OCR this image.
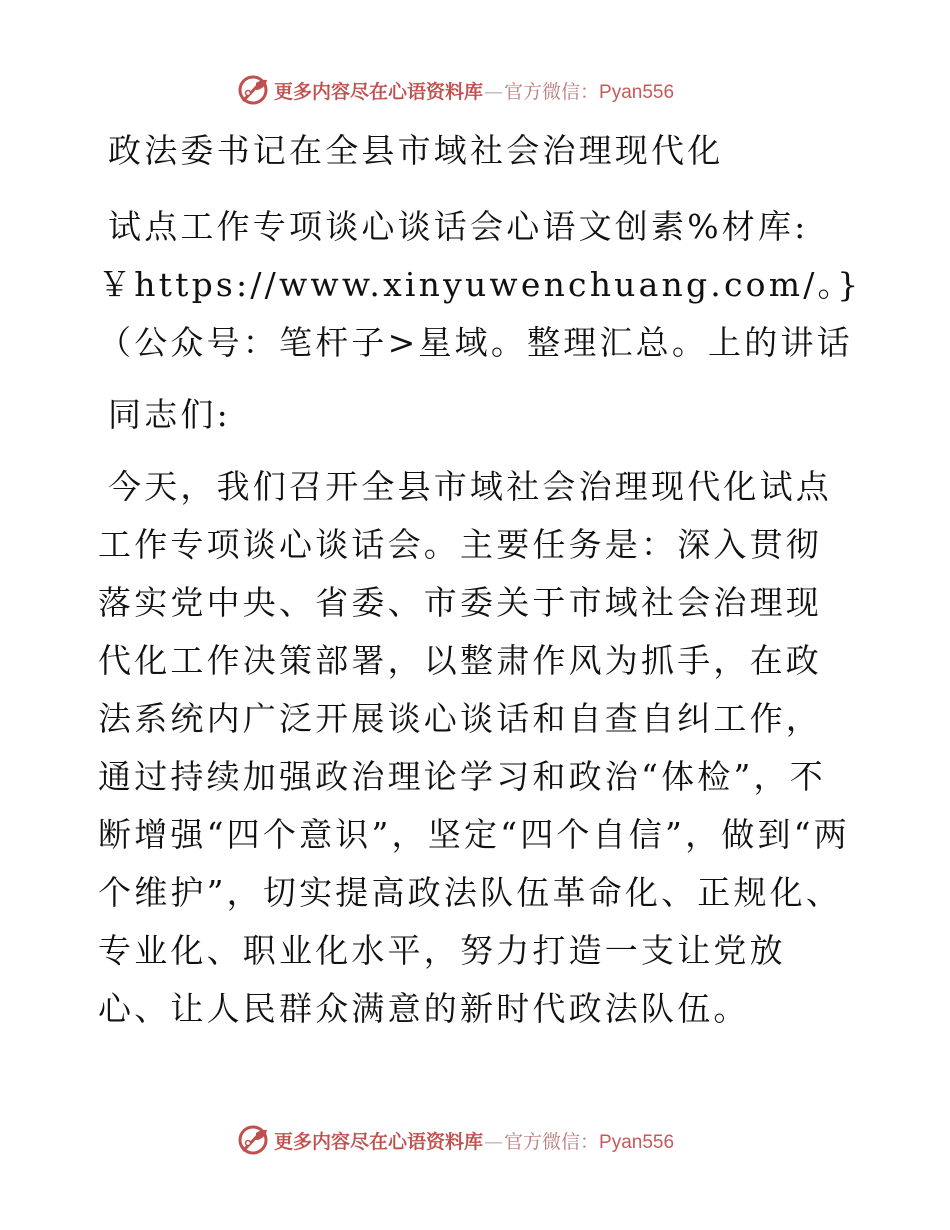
更多内容尽在心语资料库—官方微信：Pyan556

政法委书记在全县市域社会治理现代化

试点工作专项谈心谈话会心语文创素%材库:￥https://www.xinyuwenchuang.com/。}（公众号：笔杆子>星域。整理汇总。上的讲话

同志们:

今天，我们召开全县市域社会治理现代化试点工作专项谈心谈话会。主要任务是：深入贯彻落实党中央、省委、市委关于市域社会治理现代化工作决策部署，以整肃作风为抓手，在政法系统内广泛开展谈心谈话和自查自纠工作，通过持续加强政治理论学习和政治“体检”，不断增强“四个意识”，坚定“四个自信”，做到“两个维护”，切实提高政法队伍革命化、正规化、专业化、职业化水平，努力打造一支让党放心、让人民群众满意的新时代政法队伍。

更多内容尽在心语资料库—官方微信：Pyan556
